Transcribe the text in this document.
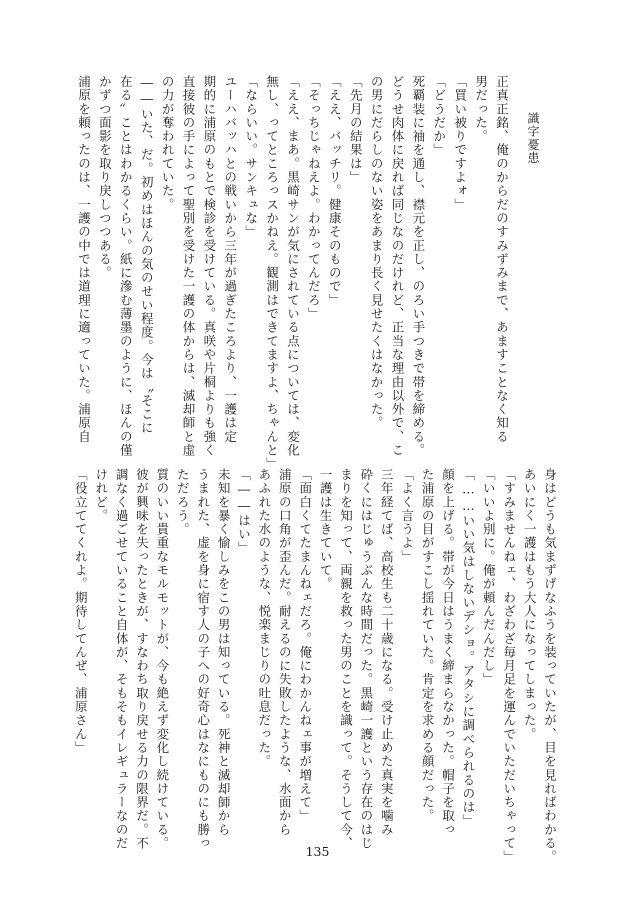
識字憂患
正真正銘、俺のからだのすみずみまで、あますことなく知る
男だった。
「買い被りですよォ」
「どうだか」
死覇装に袖を通し、襟元を正し、のろい手つきで帯を締める。
どうせ肉体に戻れば同じなのだけれど、正当な理由以外で、こ
の男にだらしのない姿をあまり長く見せたくはなかった。
「先月の結果は」
「ええ、バッチリ。健康そのもので」
「そっちじゃねえよ。わかってんだろ」
「ええ、まあ。黒崎サンが気にされている点については、変化
無し、ってところっスかねえ。観測はできてますよ、ちゃんと」
「ならいい。サンキュな」
ユーハバッハとの戦いから三年が過ぎたころより、一護は定
期的に浦原のもとで検診を受けている。真咲や片桐よりも強く
直接彼の手によって聖別を受けた一護の体からは、滅却師と虚
の力が奪われていた。
――いた、だ。初めはほんの気のせい程度。今は〝そこに
在る〟ことはわかるくらい。紙に滲む薄墨のように、ほんの僅
かずつ面影を取り戻しつつある。
浦原を頼ったのは、一護の中では道理に適っていた。浦原自
身はどうも気まずげなふうを装っていたが、目を見ればわかる。
あいにく一護はもう大人になってしまった。
「すみませんねェ、わざわざ毎月足を運んでいただいちゃって」
「いいよ別に。俺が頼んだんだし」
「……いい気はしないデショ。アタシに調べられるのは」
顔を上げる。帯が今日はうまく締まらなかった。帽子を取っ
た浦原の目がすこし揺れていた。肯定を求める顔だった。
「よく言うよ」
三年経てば、高校生も二十歳になる。受け止めた真実を噛み
砕くにはじゅうぶんな時間だった。黒崎一護という存在のはじ
まりを知って、両親を救った男のことを識って。そうして今、
一護は生きていて。
「面白くてたまんねェだろ。俺にわかんねェ事が増えて」
浦原の口角が歪んだ。耐えるのに失敗したような、水面から
あふれた水のような、悦楽まじりの吐息だった。
「――はい」
未知を暴く愉しみをこの男は知っている。死神と滅却師から
うまれた、虚を身に宿す人の子への好奇心はなにものにも勝っ
ただろう。
質のいい貴重なモルモットが、今も絶えず変化し続けている。
彼が興味を失ったときが、すなわち取り戻せる力の限界だ。不
調なく過ごせていること自体が、そもそもイレギュラーなのだ
けれど。
「役立ててくれよ。期待してんぜ、浦原さん」
135
